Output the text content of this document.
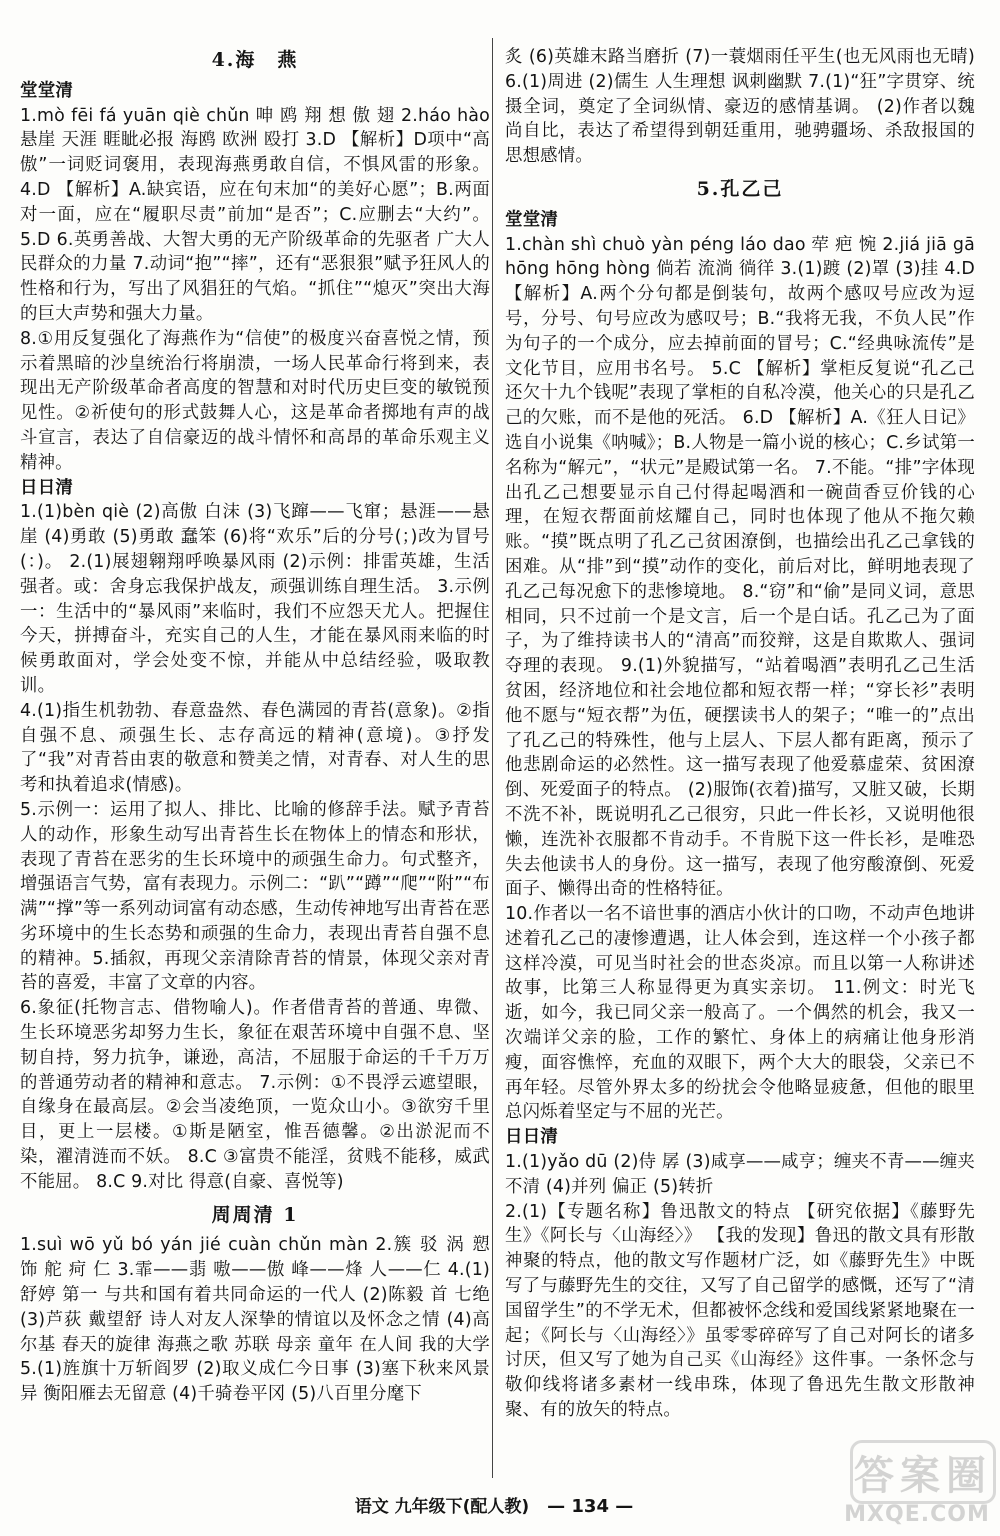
4.海　燕

堂堂清

1.mò fēi fá yuān qiè chǔn 呻 鸥 翔 想 傲 翅 2.háo hào 悬崖 天涯 睚眦必报 海鸥 欧洲 殴打 3.D 【解析】D项中“高傲”一词贬词褒用，表现海燕勇敢自信，不惧风雷的形象。 4.D 【解析】A.缺宾语，应在句末加“的美好心愿”；B.两面对一面，应在“履职尽责”前加“是否”；C.应删去“大约”。 5.D 6.英勇善战、大智大勇的无产阶级革命的先驱者 广大人民群众的力量 7.动词“抱”“摔”，还有“恶狠狠”赋予狂风人的性格和行为，写出了风猖狂的气焰。“抓住”“熄灭”突出大海的巨大声势和强大力量。

8.①用反复强化了海燕作为“信使”的极度兴奋喜悦之情，预示着黑暗的沙皇统治行将崩溃，一场人民革命行将到来，表现出无产阶级革命者高度的智慧和对时代历史巨变的敏锐预见性。②祈使句的形式鼓舞人心，这是革命者掷地有声的战斗宣言，表达了自信豪迈的战斗情怀和高昂的革命乐观主义精神。

日日清

1.(1)bèn qiè (2)高傲 白沫 (3)飞蹿——飞窜；悬涯——悬崖 (4)勇敢 (5)勇敢 蠢笨 (6)将“欢乐”后的分号(；)改为冒号(：)。 2.(1)展翅翱翔呼唤暴风雨 (2)示例：排雷英雄，生活强者。或：舍身忘我保护战友，顽强训练自理生活。 3.示例一：生活中的“暴风雨”来临时，我们不应怨天尤人。把握住今天，拼搏奋斗，充实自己的人生，才能在暴风雨来临的时候勇敢面对，学会处变不惊，并能从中总结经验，吸取教训。

4.(1)指生机勃勃、春意盎然、春色满园的青苔(意象)。②指自强不息、顽强生长、志存高远的精神(意境)。③抒发了“我”对青苔由衷的敬意和赞美之情，对青春、对人生的思考和执着追求(情感)。

5.示例一：运用了拟人、排比、比喻的修辞手法。赋予青苔人的动作，形象生动写出青苔生长在物体上的情态和形状，表现了青苔在恶劣的生长环境中的顽强生命力。句式整齐，增强语言气势，富有表现力。示例二：“趴”“蹲”“爬”“附”“布满”“撑”等一系列动词富有动态感，生动传神地写出青苔在恶劣环境中的生长态势和顽强的生命力，表现出青苔自强不息的精神。5.插叙，再现父亲清除青苔的情景，体现父亲对青苔的喜爱，丰富了文章的内容。

6.象征(托物言志、借物喻人)。作者借青苔的普通、卑微、生长环境恶劣却努力生长，象征在艰苦环境中自强不息、坚韧自持，努力抗争，谦逊，高洁，不屈服于命运的千千万万的普通劳动者的精神和意志。 7.示例：①不畏浮云遮望眼，自缘身在最高层。②会当凌绝顶，一览众山小。③欲穷千里目，更上一层楼。①斯是陋室，惟吾德馨。②出淤泥而不染，濯清涟而不妖。 8.C ③富贵不能淫，贫贱不能移，威武不能屈。 8.C 9.对比 得意(自豪、喜悦等)

周周清 1

1.suì wō yǔ bó yán jié cuàn chǔn màn 2.簇 驳 涡 愬 饰 舵 疴 仁 3.霏——翡 嗷——傲 峰——烽 人——仁 4.(1)舒婷 第一 与共和国有着共同命运的一代人 (2)陈毅 首 七绝 (3)芦荻 戴望舒 诗人对友人深挚的情谊以及怀念之情 (4)高尔基 春天的旋律 海燕之歌 苏联 母亲 童年 在人间 我的大学 5.(1)旌旗十万斩阎罗 (2)取义成仁今日事 (3)塞下秋来风景异 衡阳雁去无留意 (4)千骑卷平冈 (5)八百里分麾下

炙 (6)英雄末路当磨折 (7)一蓑烟雨任平生(也无风雨也无晴) 6.(1)周进 (2)儒生 人生理想 讽刺幽默 7.(1)“狂”字贯穿、统摄全词，奠定了全词纵情、豪迈的感情基调。 (2)作者以魏尚自比，表达了希望得到朝廷重用，驰骋疆场、杀敌报国的思想感情。

5.孔乙己

堂堂清

1.chàn shì chuò yàn péng láo dao 荦 疤 惋 2.jiá jiā gā hōng hōng hòng 倘若 流淌 徜徉 3.(1)踱 (2)罩 (3)挂 4.D 【解析】A.两个分句都是倒装句，故两个感叹号应改为逗号，分号、句号应改为感叹号；B.“我将无我，不负人民”作为句子的一个成分，应去掉前面的冒号；C.“经典咏流传”是文化节目，应用书名号。 5.C 【解析】掌柜反复说“孔乙己还欠十九个钱呢”表现了掌柜的自私冷漠，他关心的只是孔乙己的欠账，而不是他的死活。 6.D 【解析】A.《狂人日记》选自小说集《呐喊》；B.人物是一篇小说的核心；C.乡试第一名称为“解元”，“状元”是殿试第一名。 7.不能。“排”字体现出孔乙己想要显示自己付得起喝酒和一碗茴香豆价钱的心理，在短衣帮面前炫耀自己，同时也体现了他从不拖欠赖账。“摸”既点明了孔乙己贫困潦倒，也描绘出孔乙己拿钱的困难。从“排”到“摸”动作的变化，前后对比，鲜明地表现了孔乙己每况愈下的悲惨境地。 8.“窃”和“偷”是同义词，意思相同，只不过前一个是文言，后一个是白话。孔乙己为了面子，为了维持读书人的“清高”而狡辩，这是自欺欺人、强词夺理的表现。 9.(1)外貌描写，“站着喝酒”表明孔乙己生活贫困，经济地位和社会地位都和短衣帮一样；“穿长衫”表明他不愿与“短衣帮”为伍，硬摆读书人的架子；“唯一的”点出了孔乙己的特殊性，他与上层人、下层人都有距离，预示了他悲剧命运的必然性。这一描写表现了他爱慕虚荣、贫困潦倒、死爱面子的特点。 (2)服饰(衣着)描写，又脏又破，长期不洗不补，既说明孔乙己很穷，只此一件长衫，又说明他很懒，连洗补衣服都不肯动手。不肯脱下这一件长衫，是唯恐失去他读书人的身份。这一描写，表现了他穷酸潦倒、死爱面子、懒得出奇的性格特征。

10.作者以一名不谙世事的酒店小伙计的口吻，不动声色地讲述着孔乙己的凄惨遭遇，让人体会到，连这样一个小孩子都这样冷漠，可见当时社会的世态炎凉。而且以第一人称讲述故事，比第三人称显得更为真实亲切。 11.例文：时光飞逝，如今，我已同父亲一般高了。一个偶然的机会，我又一次端详父亲的脸，工作的繁忙、身体上的病痛让他身形消瘦，面容憔悴，充血的双眼下，两个大大的眼袋，父亲已不再年轻。尽管外界太多的纷扰会令他略显疲惫，但他的眼里总闪烁着坚定与不屈的光芒。

日日清

1.(1)yǎo dū (2)侍 孱 (3)咸享——咸亨；缠夹不青——缠夹不清 (4)并列 偏正 (5)转折

2.(1)【专题名称】鲁迅散文的特点 【研究依据】《藤野先生》《阿长与〈山海经〉》 【我的发现】鲁迅的散文具有形散神聚的特点，他的散文写作题材广泛，如《藤野先生》中既写了与藤野先生的交往，又写了自己留学的感慨，还写了“清国留学生”的不学无术，但都被怀念线和爱国线紧紧地聚在一起；《阿长与〈山海经〉》虽零零碎碎写了自己对阿长的诸多讨厌，但又写了她为自己买《山海经》这件事。一条怀念与敬仰线将诸多素材一线串珠，体现了鲁迅先生散文形散神聚、有的放矢的特点。

语文 九年级下(配人教) — 134 —
答案圈
MXQE.COM
